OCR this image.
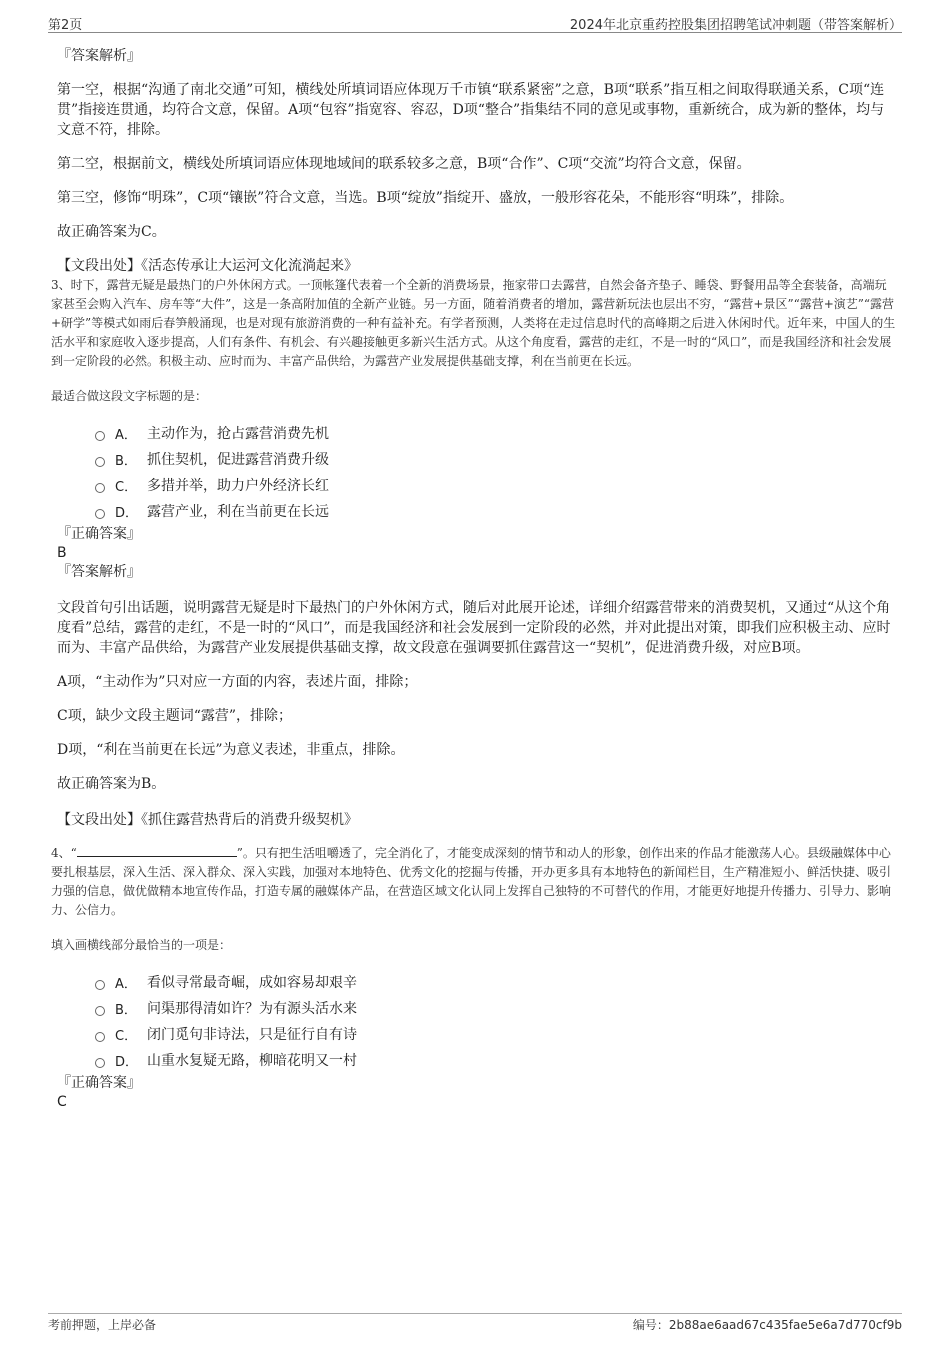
第2页	2024年北京重药控股集团招聘笔试冲刺题（带答案解析）

『答案解析』

第一空，根据“沟通了南北交通”可知，横线处所填词语应体现万千市镇“联系紧密”之意，B项“联系”指互相之间取得联通关系，C项“连贯”指接连贯通，均符合文意，保留。A项“包容”指宽容、容忍，D项“整合”指集结不同的意见或事物，重新统合，成为新的整体，均与文意不符，排除。

第二空，根据前文，横线处所填词语应体现地域间的联系较多之意，B项“合作”、C项“交流”均符合文意，保留。

第三空，修饰“明珠”，C项“镶嵌”符合文意，当选。B项“绽放”指绽开、盛放，一般形容花朵，不能形容“明珠”，排除。

故正确答案为C。

【文段出处】《活态传承让大运河文化流淌起来》

3、时下，露营无疑是最热门的户外休闲方式。一顶帐篷代表着一个全新的消费场景，拖家带口去露营，自然会备齐垫子、睡袋、野餐用品等全套装备，高端玩家甚至会购入汽车、房车等“大件”，这是一条高附加值的全新产业链。另一方面，随着消费者的增加，露营新玩法也层出不穷，“露营+景区”“露营+演艺”“露营+研学”等模式如雨后春笋般涌现，也是对现有旅游消费的一种有益补充。有学者预测，人类将在走过信息时代的高峰期之后进入休闲时代。近年来，中国人的生活水平和家庭收入逐步提高，人们有条件、有机会、有兴趣接触更多新兴生活方式。从这个角度看，露营的走红，不是一时的“风口”，而是我国经济和社会发展到一定阶段的必然。积极主动、应时而为、丰富产品供给，为露营产业发展提供基础支撑，利在当前更在长远。

最适合做这段文字标题的是：

A． 主动作为，抢占露营消费先机
B． 抓住契机，促进露营消费升级
C． 多措并举，助力户外经济长红
D． 露营产业，利在当前更在长远

『正确答案』

B

『答案解析』

文段首句引出话题，说明露营无疑是时下最热门的户外休闲方式，随后对此展开论述，详细介绍露营带来的消费契机，又通过“从这个角度看”总结，露营的走红，不是一时的“风口”，而是我国经济和社会发展到一定阶段的必然，并对此提出对策，即我们应积极主动、应时而为、丰富产品供给，为露营产业发展提供基础支撑，故文段意在强调要抓住露营这一“契机”，促进消费升级，对应B项。

A项，“主动作为”只对应一方面的内容，表述片面，排除；

C项，缺少文段主题词“露营”，排除；

D项，“利在当前更在长远”为意义表述，非重点，排除。

故正确答案为B。

【文段出处】《抓住露营热背后的消费升级契机》

4、“	”。只有把生活咀嚼透了，完全消化了，才能变成深刻的情节和动人的形象，创作出来的作品才能激荡人心。县级融媒体中心要扎根基层，深入生活、深入群众、深入实践，加强对本地特色、优秀文化的挖掘与传播，开办更多具有本地特色的新闻栏目，生产精准短小、鲜活快捷、吸引力强的信息，做优做精本地宣传作品，打造专属的融媒体产品，在营造区域文化认同上发挥自己独特的不可替代的作用，才能更好地提升传播力、引导力、影响力、公信力。

填入画横线部分最恰当的一项是：

A． 看似寻常最奇崛，成如容易却艰辛
B． 问渠那得清如许？为有源头活水来
C． 闭门觅句非诗法，只是征行自有诗
D． 山重水复疑无路，柳暗花明又一村

『正确答案』

C

考前押题，上岸必备	编号：2b88ae6aad67c435fae5e6a7d770cf9b
